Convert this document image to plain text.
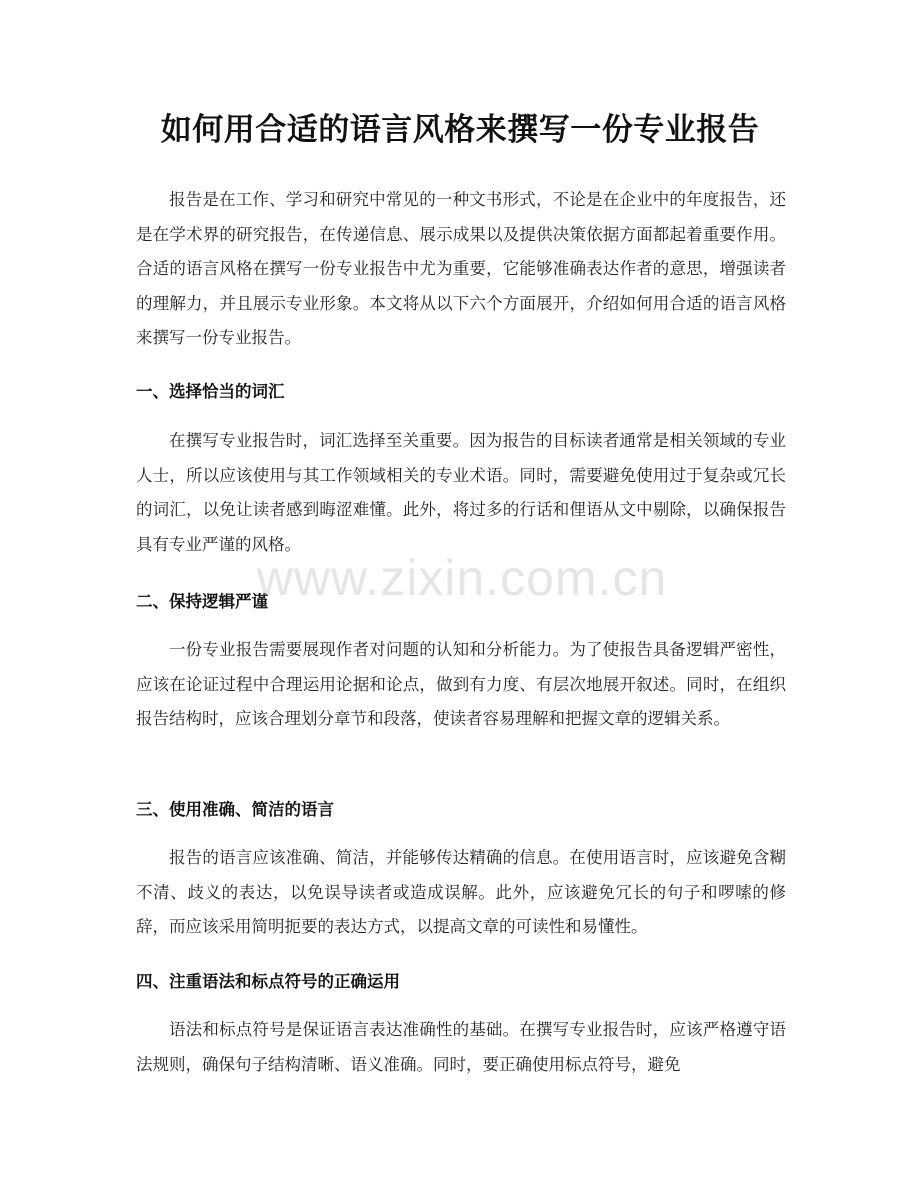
如何用合适的语言风格来撰写一份专业报告

报告是在工作、学习和研究中常见的一种文书形式，不论是在企业中的年度报告，还是在学术界的研究报告，在传递信息、展示成果以及提供决策依据方面都起着重要作用。合适的语言风格在撰写一份专业报告中尤为重要，它能够准确表达作者的意思，增强读者的理解力，并且展示专业形象。本文将从以下六个方面展开，介绍如何用合适的语言风格来撰写一份专业报告。

一、选择恰当的词汇

在撰写专业报告时，词汇选择至关重要。因为报告的目标读者通常是相关领域的专业人士，所以应该使用与其工作领域相关的专业术语。同时，需要避免使用过于复杂或冗长的词汇，以免让读者感到晦涩难懂。此外，将过多的行话和俚语从文中剔除，以确保报告具有专业严谨的风格。

二、保持逻辑严谨

一份专业报告需要展现作者对问题的认知和分析能力。为了使报告具备逻辑严密性，应该在论证过程中合理运用论据和论点，做到有力度、有层次地展开叙述。同时，在组织报告结构时，应该合理划分章节和段落，使读者容易理解和把握文章的逻辑关系。

三、使用准确、简洁的语言

报告的语言应该准确、简洁，并能够传达精确的信息。在使用语言时，应该避免含糊不清、歧义的表达，以免误导读者或造成误解。此外，应该避免冗长的句子和啰嗦的修辞，而应该采用简明扼要的表达方式，以提高文章的可读性和易懂性。

四、注重语法和标点符号的正确运用

语法和标点符号是保证语言表达准确性的基础。在撰写专业报告时，应该严格遵守语法规则，确保句子结构清晰、语义准确。同时，要正确使用标点符号，避免

www.zixin.com.cn
